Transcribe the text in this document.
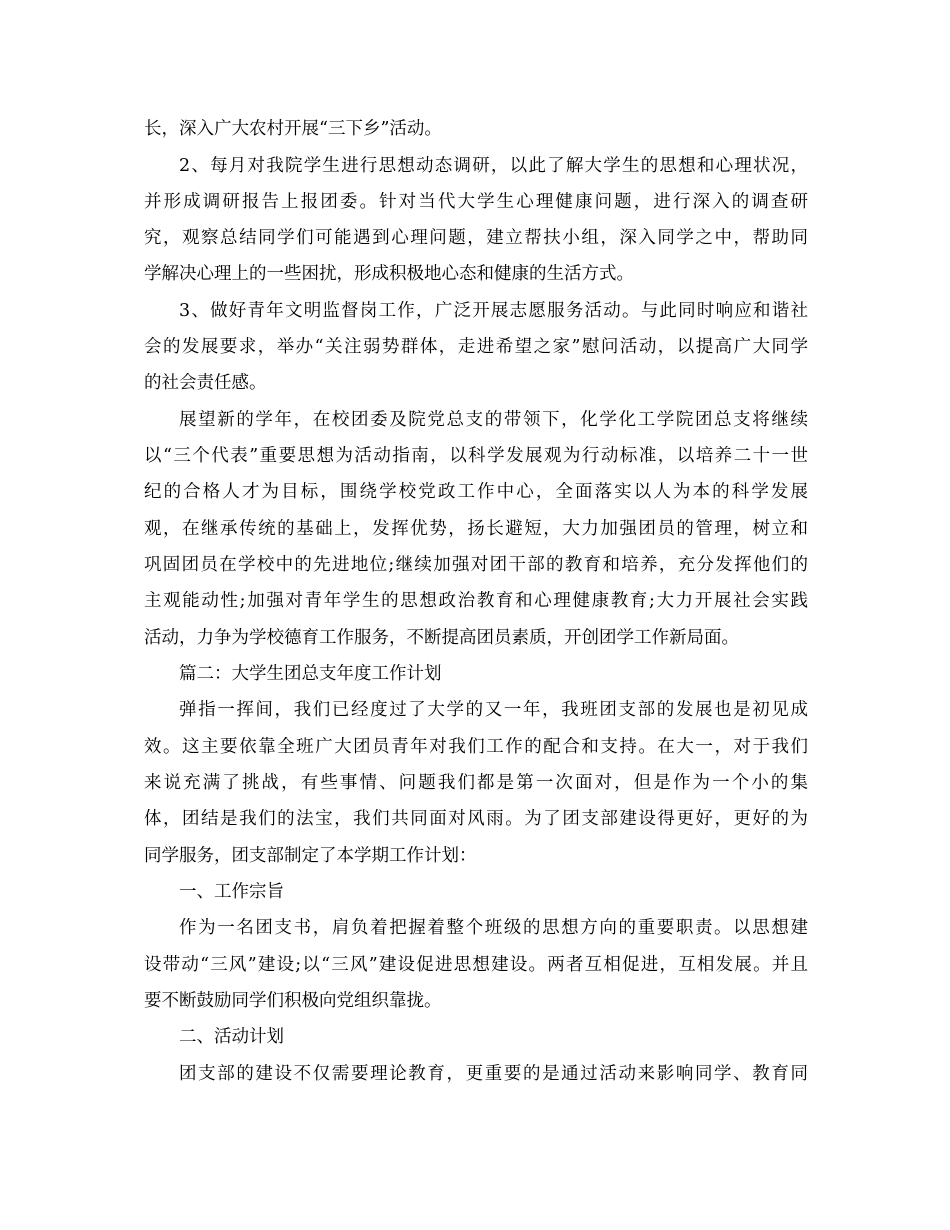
长，深入广大农村开展“三下乡”活动。
2、每月对我院学生进行思想动态调研，以此了解大学生的思想和心理状况，
并形成调研报告上报团委。针对当代大学生心理健康问题，进行深入的调查研
究，观察总结同学们可能遇到心理问题，建立帮扶小组，深入同学之中，帮助同
学解决心理上的一些困扰，形成积极地心态和健康的生活方式。
3、做好青年文明监督岗工作，广泛开展志愿服务活动。与此同时响应和谐社
会的发展要求，举办“关注弱势群体，走进希望之家”慰问活动，以提高广大同学
的社会责任感。
展望新的学年，在校团委及院党总支的带领下，化学化工学院团总支将继续
以“三个代表”重要思想为活动指南，以科学发展观为行动标准，以培养二十一世
纪的合格人才为目标，围绕学校党政工作中心，全面落实以人为本的科学发展
观，在继承传统的基础上，发挥优势，扬长避短，大力加强团员的管理，树立和
巩固团员在学校中的先进地位;继续加强对团干部的教育和培养，充分发挥他们的
主观能动性;加强对青年学生的思想政治教育和心理健康教育;大力开展社会实践
活动，力争为学校德育工作服务，不断提高团员素质，开创团学工作新局面。
篇二：大学生团总支年度工作计划
弹指一挥间，我们已经度过了大学的又一年，我班团支部的发展也是初见成
效。这主要依靠全班广大团员青年对我们工作的配合和支持。在大一，对于我们
来说充满了挑战，有些事情、问题我们都是第一次面对，但是作为一个小的集
体，团结是我们的法宝，我们共同面对风雨。为了团支部建设得更好，更好的为
同学服务，团支部制定了本学期工作计划：
一、工作宗旨
作为一名团支书，肩负着把握着整个班级的思想方向的重要职责。以思想建
设带动“三风”建设;以“三风”建设促进思想建设。两者互相促进，互相发展。并且
要不断鼓励同学们积极向党组织靠拢。
二、活动计划
团支部的建设不仅需要理论教育，更重要的是通过活动来影响同学、教育同
